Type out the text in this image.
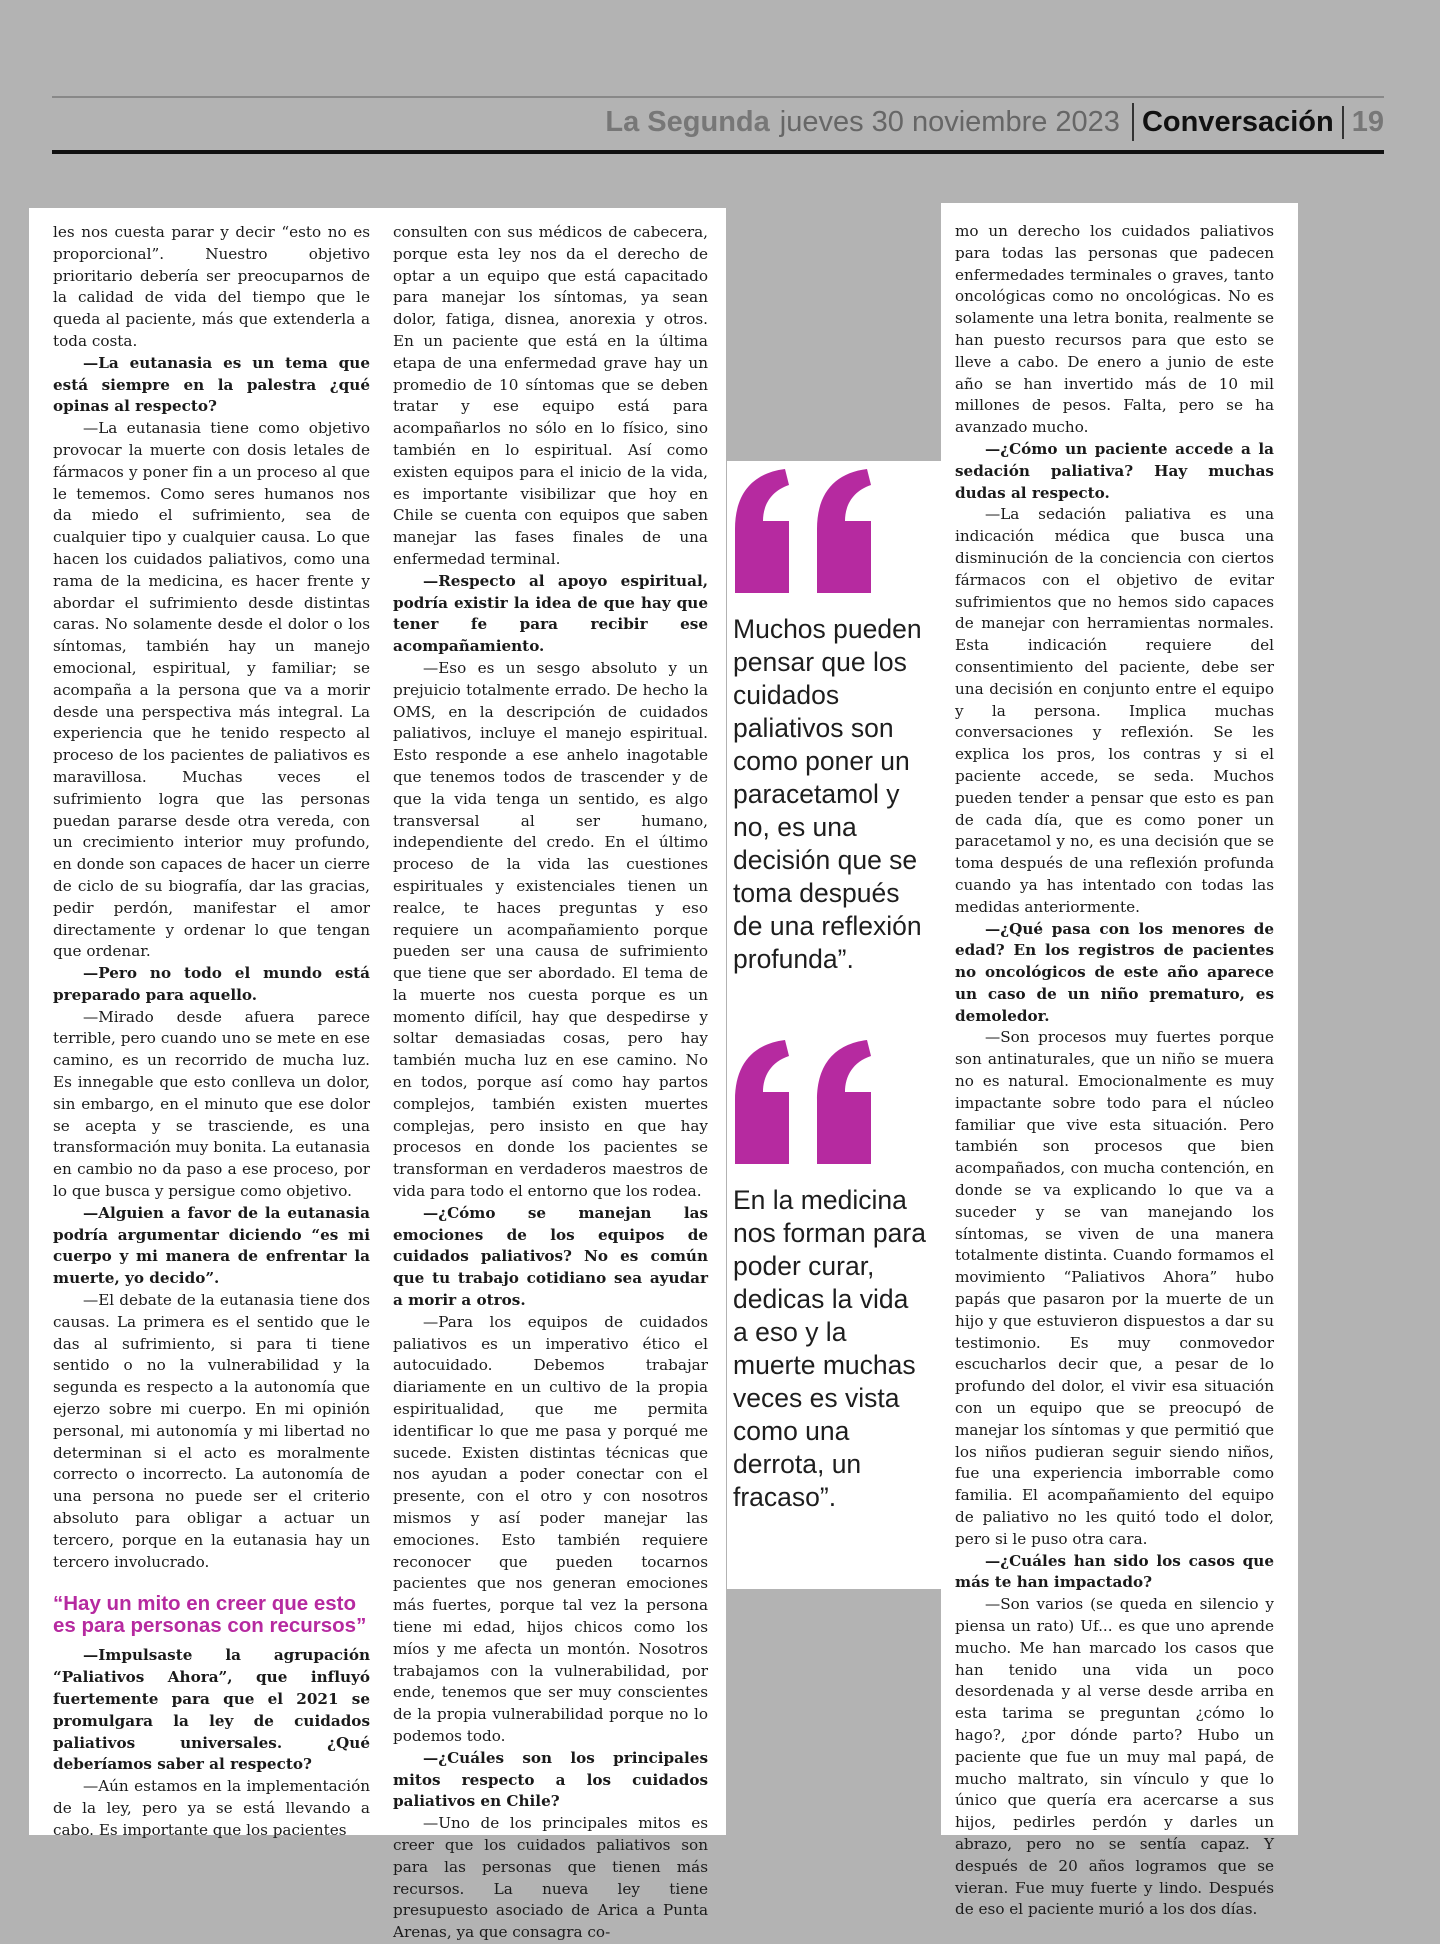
La Segunda jueves 30 noviembre 2023 Conversación 19

les nos cuesta parar y decir “esto no es proporcional”. Nuestro objetivo prioritario debería ser preocuparnos de la calidad de vida del tiempo que le queda al paciente, más que extenderla a toda costa.

—La eutanasia es un tema que está siempre en la palestra ¿qué opinas al respecto?

—La eutanasia tiene como objetivo provocar la muerte con dosis letales de fármacos y poner fin a un proceso al que le tememos. Como seres humanos nos da miedo el sufrimiento, sea de cualquier tipo y cualquier causa. Lo que hacen los cuidados paliativos, como una rama de la medicina, es hacer frente y abordar el sufrimiento desde distintas caras. No solamente desde el dolor o los síntomas, también hay un manejo emocional, espiritual, y familiar; se acompaña a la persona que va a morir desde una perspectiva más integral. La experiencia que he tenido respecto al proceso de los pacientes de paliativos es maravillosa. Muchas veces el sufrimiento logra que las personas puedan pararse desde otra vereda, con un crecimiento interior muy profundo, en donde son capaces de hacer un cierre de ciclo de su biografía, dar las gracias, pedir perdón, manifestar el amor directamente y ordenar lo que tengan que ordenar.

—Pero no todo el mundo está preparado para aquello.

—Mirado desde afuera parece terrible, pero cuando uno se mete en ese camino, es un recorrido de mucha luz. Es innegable que esto conlleva un dolor, sin embargo, en el minuto que ese dolor se acepta y se trasciende, es una transformación muy bonita. La eutanasia en cambio no da paso a ese proceso, por lo que busca y persigue como objetivo.

—Alguien a favor de la eutanasia podría argumentar diciendo “es mi cuerpo y mi manera de enfrentar la muerte, yo decido”.

—El debate de la eutanasia tiene dos causas. La primera es el sentido que le das al sufrimiento, si para ti tiene sentido o no la vulnerabilidad y la segunda es respecto a la autonomía que ejerzo sobre mi cuerpo. En mi opinión personal, mi autonomía y mi libertad no determinan si el acto es moralmente correcto o incorrecto. La autonomía de una persona no puede ser el criterio absoluto para obligar a actuar un tercero, porque en la eutanasia hay un tercero involucrado.

“Hay un mito en creer que esto es para personas con recursos”

—Impulsaste la agrupación “Paliativos Ahora”, que influyó fuertemente para que el 2021 se promulgara la ley de cuidados paliativos universales. ¿Qué deberíamos saber al respecto?

—Aún estamos en la implementación de la ley, pero ya se está llevando a cabo. Es importante que los pacientes

consulten con sus médicos de cabecera, porque esta ley nos da el derecho de optar a un equipo que está capacitado para manejar los síntomas, ya sean dolor, fatiga, disnea, anorexia y otros. En un paciente que está en la última etapa de una enfermedad grave hay un promedio de 10 síntomas que se deben tratar y ese equipo está para acompañarlos no sólo en lo físico, sino también en lo espiritual. Así como existen equipos para el inicio de la vida, es importante visibilizar que hoy en Chile se cuenta con equipos que saben manejar las fases finales de una enfermedad terminal.

—Respecto al apoyo espiritual, podría existir la idea de que hay que tener fe para recibir ese acompañamiento.

—Eso es un sesgo absoluto y un prejuicio totalmente errado. De hecho la OMS, en la descripción de cuidados paliativos, incluye el manejo espiritual. Esto responde a ese anhelo inagotable que tenemos todos de trascender y de que la vida tenga un sentido, es algo transversal al ser humano, independiente del credo. En el último proceso de la vida las cuestiones espirituales y existenciales tienen un realce, te haces preguntas y eso requiere un acompañamiento porque pueden ser una causa de sufrimiento que tiene que ser abordado. El tema de la muerte nos cuesta porque es un momento difícil, hay que despedirse y soltar demasiadas cosas, pero hay también mucha luz en ese camino. No en todos, porque así como hay partos complejos, también existen muertes complejas, pero insisto en que hay procesos en donde los pacientes se transforman en verdaderos maestros de vida para todo el entorno que los rodea.

—¿Cómo se manejan las emociones de los equipos de cuidados paliativos? No es común que tu trabajo cotidiano sea ayudar a morir a otros.

—Para los equipos de cuidados paliativos es un imperativo ético el autocuidado. Debemos trabajar diariamente en un cultivo de la propia espiritualidad, que me permita identificar lo que me pasa y porqué me sucede. Existen distintas técnicas que nos ayudan a poder conectar con el presente, con el otro y con nosotros mismos y así poder manejar las emociones. Esto también requiere reconocer que pueden tocarnos pacientes que nos generan emociones más fuertes, porque tal vez la persona tiene mi edad, hijos chicos como los míos y me afecta un montón. Nosotros trabajamos con la vulnerabilidad, por ende, tenemos que ser muy conscientes de la propia vulnerabilidad porque no lo podemos todo.

—¿Cuáles son los principales mitos respecto a los cuidados paliativos en Chile?

—Uno de los principales mitos es creer que los cuidados paliativos son para las personas que tienen más recursos. La nueva ley tiene presupuesto asociado de Arica a Punta Arenas, ya que consagra co-

Muchos pueden pensar que los cuidados paliativos son como poner un paracetamol y no, es una decisión que se toma después de una reflexión profunda”.
En la medicina nos forman para poder curar, dedicas la vida a eso y la muerte muchas veces es vista como una derrota, un fracaso”.

mo un derecho los cuidados paliativos para todas las personas que padecen enfermedades terminales o graves, tanto oncológicas como no oncológicas. No es solamente una letra bonita, realmente se han puesto recursos para que esto se lleve a cabo. De enero a junio de este año se han invertido más de 10 mil millones de pesos. Falta, pero se ha avanzado mucho.

—¿Cómo un paciente accede a la sedación paliativa? Hay muchas dudas al respecto.

—La sedación paliativa es una indicación médica que busca una disminución de la conciencia con ciertos fármacos con el objetivo de evitar sufrimientos que no hemos sido capaces de manejar con herramientas normales. Esta indicación requiere del consentimiento del paciente, debe ser una decisión en conjunto entre el equipo y la persona. Implica muchas conversaciones y reflexión. Se les explica los pros, los contras y si el paciente accede, se seda. Muchos pueden tender a pensar que esto es pan de cada día, que es como poner un paracetamol y no, es una decisión que se toma después de una reflexión profunda cuando ya has intentado con todas las medidas anteriormente.

—¿Qué pasa con los menores de edad? En los registros de pacientes no oncológicos de este año aparece un caso de un niño prematuro, es demoledor.

—Son procesos muy fuertes porque son antinaturales, que un niño se muera no es natural. Emocionalmente es muy impactante sobre todo para el núcleo familiar que vive esta situación. Pero también son procesos que bien acompañados, con mucha contención, en donde se va explicando lo que va a suceder y se van manejando los síntomas, se viven de una manera totalmente distinta. Cuando formamos el movimiento “Paliativos Ahora” hubo papás que pasaron por la muerte de un hijo y que estuvieron dispuestos a dar su testimonio. Es muy conmovedor escucharlos decir que, a pesar de lo profundo del dolor, el vivir esa situación con un equipo que se preocupó de manejar los síntomas y que permitió que los niños pudieran seguir siendo niños, fue una experiencia imborrable como familia. El acompañamiento del equipo de paliativo no les quitó todo el dolor, pero si le puso otra cara.

—¿Cuáles han sido los casos que más te han impactado?

—Son varios (se queda en silencio y piensa un rato) Uf... es que uno aprende mucho. Me han marcado los casos que han tenido una vida un poco desordenada y al verse desde arriba en esta tarima se preguntan ¿cómo lo hago?, ¿por dónde parto? Hubo un paciente que fue un muy mal papá, de mucho maltrato, sin vínculo y que lo único que quería era acercarse a sus hijos, pedirles perdón y darles un abrazo, pero no se sentía capaz. Y después de 20 años logramos que se vieran. Fue muy fuerte y lindo. Después de eso el paciente murió a los dos días.
